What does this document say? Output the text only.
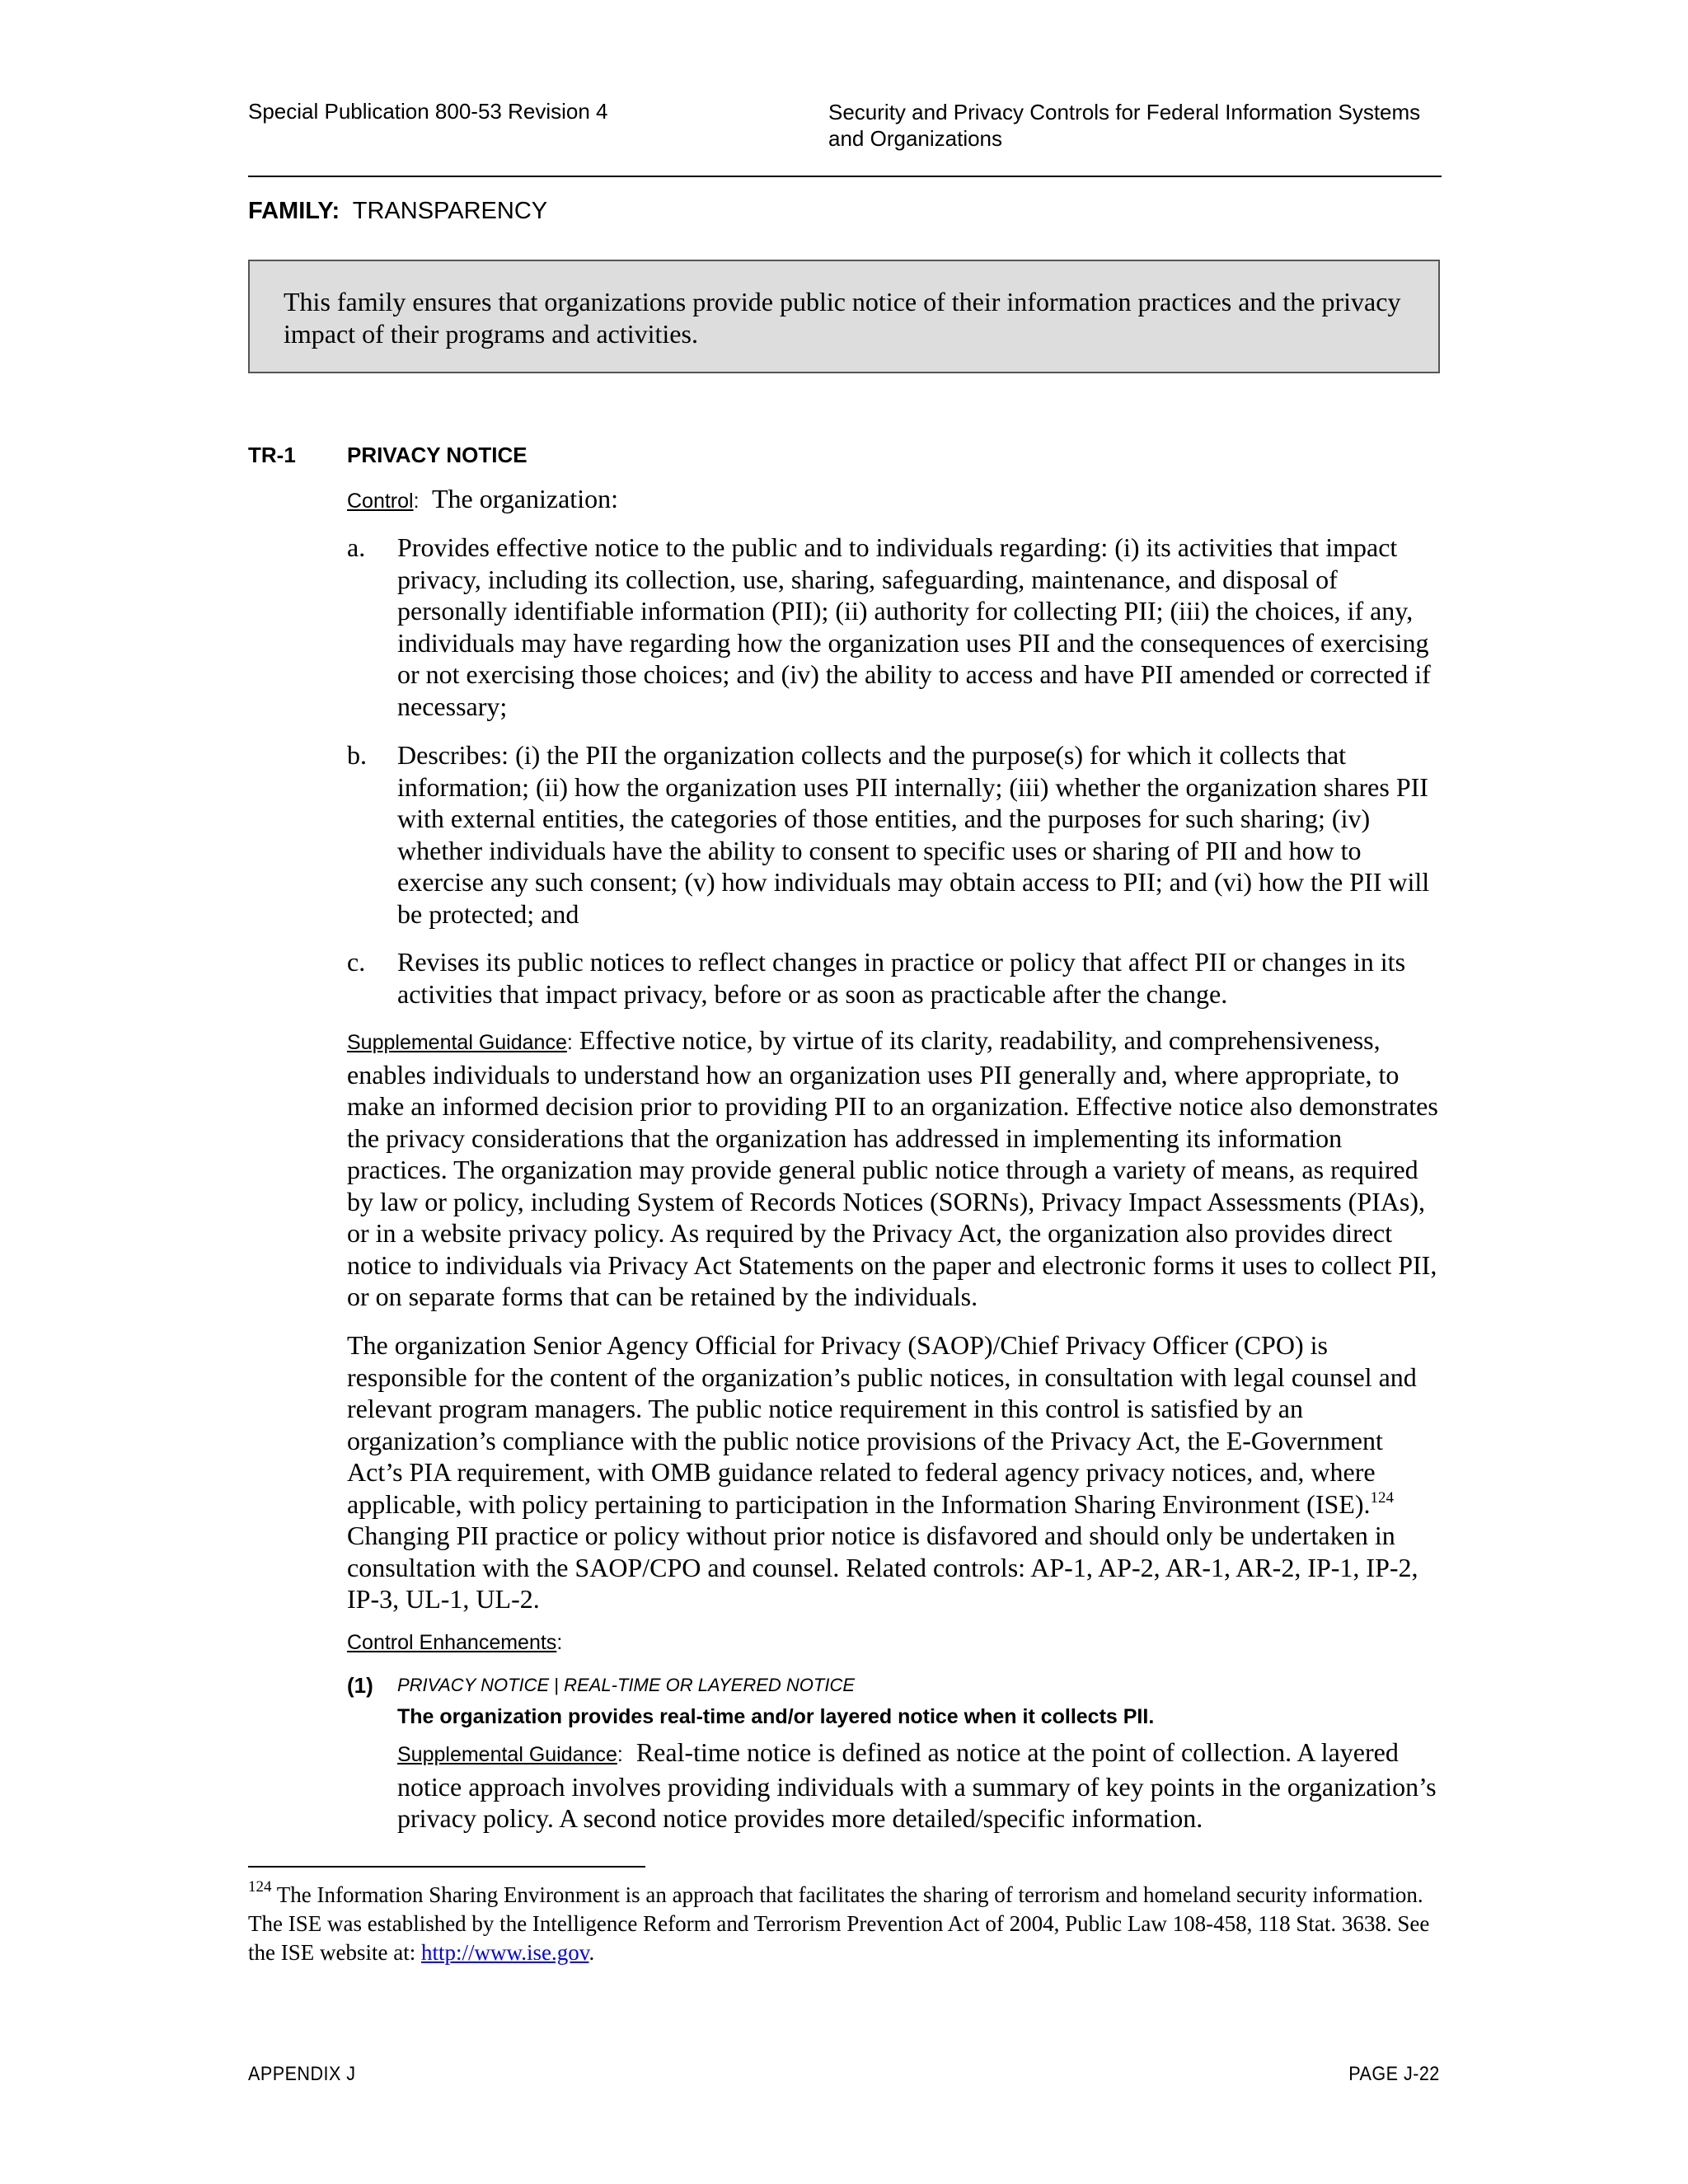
Special Publication 800-53 Revision 4	Security and Privacy Controls for Federal Information Systems
and Organizations
FAMILY: TRANSPARENCY
This family ensures that organizations provide public notice of their information practices and the privacy impact of their programs and activities.
TR-1 PRIVACY NOTICE
Control: The organization:
a. Provides effective notice to the public and to individuals regarding: (i) its activities that impact privacy, including its collection, use, sharing, safeguarding, maintenance, and disposal of personally identifiable information (PII); (ii) authority for collecting PII; (iii) the choices, if any, individuals may have regarding how the organization uses PII and the consequences of exercising or not exercising those choices; and (iv) the ability to access and have PII amended or corrected if necessary;
b. Describes: (i) the PII the organization collects and the purpose(s) for which it collects that information; (ii) how the organization uses PII internally; (iii) whether the organization shares PII with external entities, the categories of those entities, and the purposes for such sharing; (iv) whether individuals have the ability to consent to specific uses or sharing of PII and how to exercise any such consent; (v) how individuals may obtain access to PII; and (vi) how the PII will be protected; and
c. Revises its public notices to reflect changes in practice or policy that affect PII or changes in its activities that impact privacy, before or as soon as practicable after the change.
Supplemental Guidance: Effective notice, by virtue of its clarity, readability, and comprehensiveness, enables individuals to understand how an organization uses PII generally and, where appropriate, to make an informed decision prior to providing PII to an organization. Effective notice also demonstrates the privacy considerations that the organization has addressed in implementing its information practices. The organization may provide general public notice through a variety of means, as required by law or policy, including System of Records Notices (SORNs), Privacy Impact Assessments (PIAs), or in a website privacy policy. As required by the Privacy Act, the organization also provides direct notice to individuals via Privacy Act Statements on the paper and electronic forms it uses to collect PII, or on separate forms that can be retained by the individuals.
The organization Senior Agency Official for Privacy (SAOP)/Chief Privacy Officer (CPO) is responsible for the content of the organization’s public notices, in consultation with legal counsel and relevant program managers. The public notice requirement in this control is satisfied by an organization’s compliance with the public notice provisions of the Privacy Act, the E-Government Act’s PIA requirement, with OMB guidance related to federal agency privacy notices, and, where applicable, with policy pertaining to participation in the Information Sharing Environment (ISE).$^{124}$ Changing PII practice or policy without prior notice is disfavored and should only be undertaken in consultation with the SAOP/CPO and counsel. Related controls: AP-1, AP-2, AR-1, AR-2, IP-1, IP-2, IP-3, UL-1, UL-2.
Control Enhancements:
(1) PRIVACY NOTICE | REAL-TIME OR LAYERED NOTICE
The organization provides real-time and/or layered notice when it collects PII.
Supplemental Guidance: Real-time notice is defined as notice at the point of collection. A layered notice approach involves providing individuals with a summary of key points in the organization’s privacy policy. A second notice provides more detailed/specific information.
$^{124}$ The Information Sharing Environment is an approach that facilitates the sharing of terrorism and homeland security information. The ISE was established by the Intelligence Reform and Terrorism Prevention Act of 2004, Public Law 108-458, 118 Stat. 3638. See the ISE website at: http://www.ise.gov.
APPENDIX J	PAGE J-22
